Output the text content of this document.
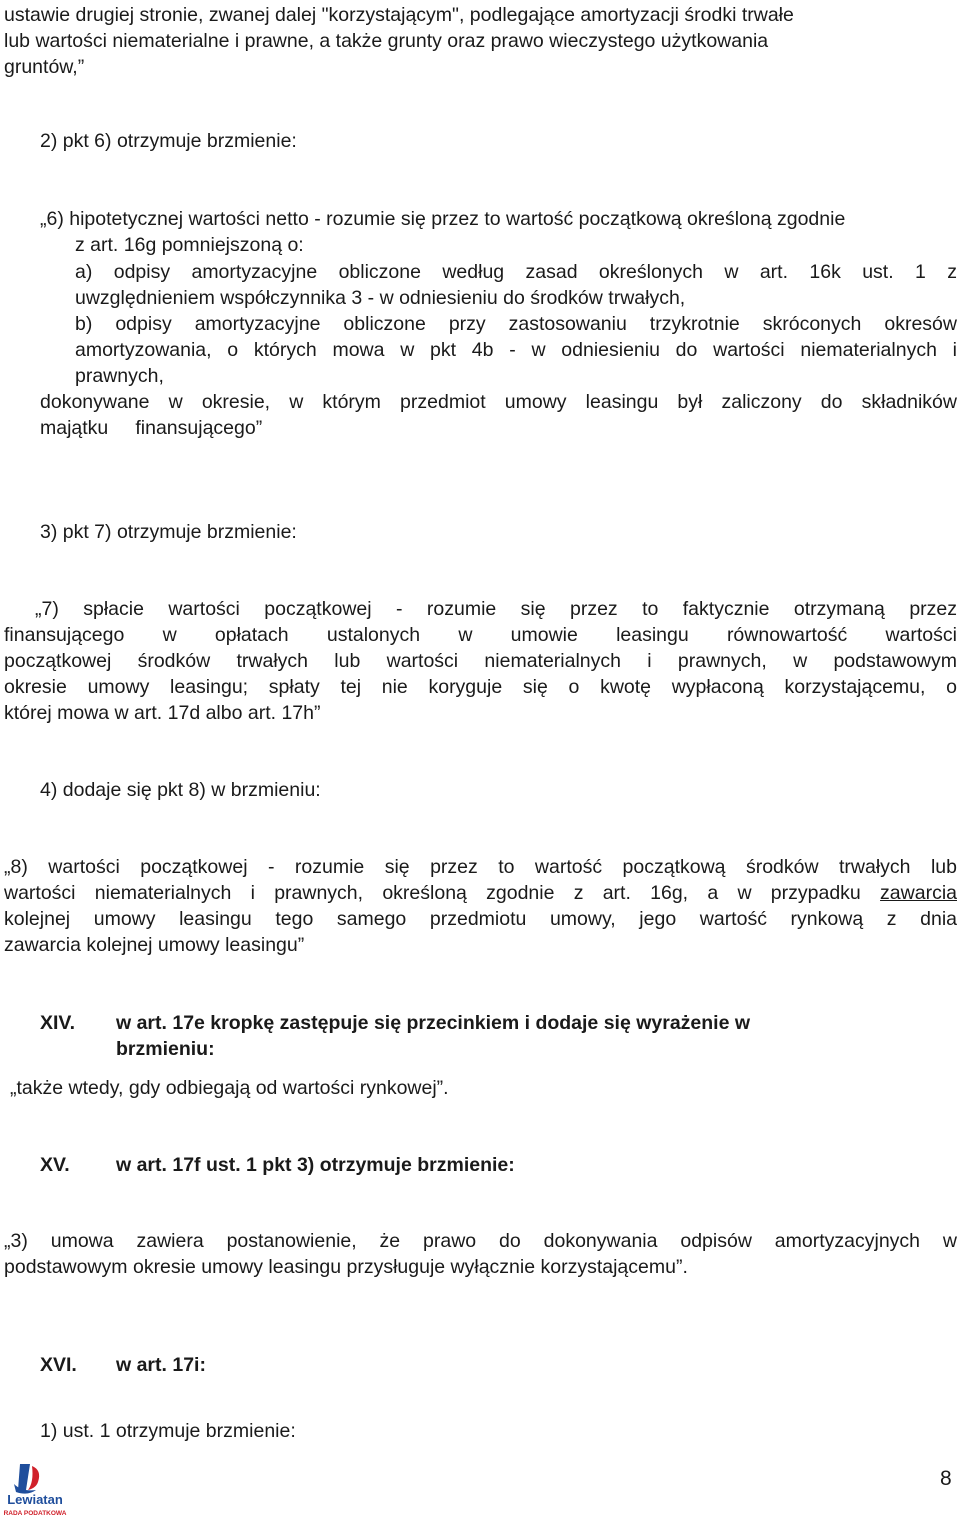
ustawie drugiej stronie, zwanej dalej "korzystającym", podlegające amortyzacji środki trwałe
lub wartości niematerialne i prawne, a także grunty oraz prawo wieczystego użytkowania
gruntów,”
2) pkt 6) otrzymuje brzmienie:
„6) hipotetycznej wartości netto - rozumie się przez to wartość początkową określoną zgodnie
z art. 16g pomniejszoną o:
a) odpisy amortyzacyjne obliczone według zasad określonych w art. 16k ust. 1 z
uwzględnieniem współczynnika 3 - w odniesieniu do środków trwałych,
b) odpisy amortyzacyjne obliczone przy zastosowaniu trzykrotnie skróconych okresów
amortyzowania, o których mowa w pkt 4b - w odniesieniu do wartości niematerialnych i
prawnych,
dokonywane w okresie, w którym przedmiot umowy leasingu był zaliczony do składników
majątku     finansującego”
3) pkt 7) otrzymuje brzmienie:
„7) spłacie wartości początkowej - rozumie się przez to faktycznie otrzymaną przez
finansującego w opłatach ustalonych w umowie leasingu równowartość wartości
początkowej środków trwałych lub wartości niematerialnych i prawnych, w podstawowym
okresie umowy leasingu; spłaty tej nie koryguje się o kwotę wypłaconą korzystającemu, o
której mowa w art. 17d albo art. 17h”
4) dodaje się pkt 8) w brzmieniu:
„8) wartości początkowej - rozumie się przez to wartość początkową środków trwałych lub
wartości niematerialnych i prawnych, określoną zgodnie z art. 16g, a w przypadku zawarcia
kolejnej umowy leasingu tego samego przedmiotu umowy, jego wartość rynkową z dnia
zawarcia kolejnej umowy leasingu”
XIV. w art. 17e kropkę zastępuje się przecinkiem i dodaje się wyrażenie w
brzmieniu:
„także wtedy, gdy odbiegają od wartości rynkowej”.
XV. w art. 17f ust. 1 pkt 3) otrzymuje brzmienie:
„3) umowa zawiera postanowienie, że prawo do dokonywania odpisów amortyzacyjnych w
podstawowym okresie umowy leasingu przysługuje wyłącznie korzystającemu”.
XVI. w art. 17i:
1) ust. 1 otrzymuje brzmienie:
Lewiatan
RADA PODATKOWA
8
